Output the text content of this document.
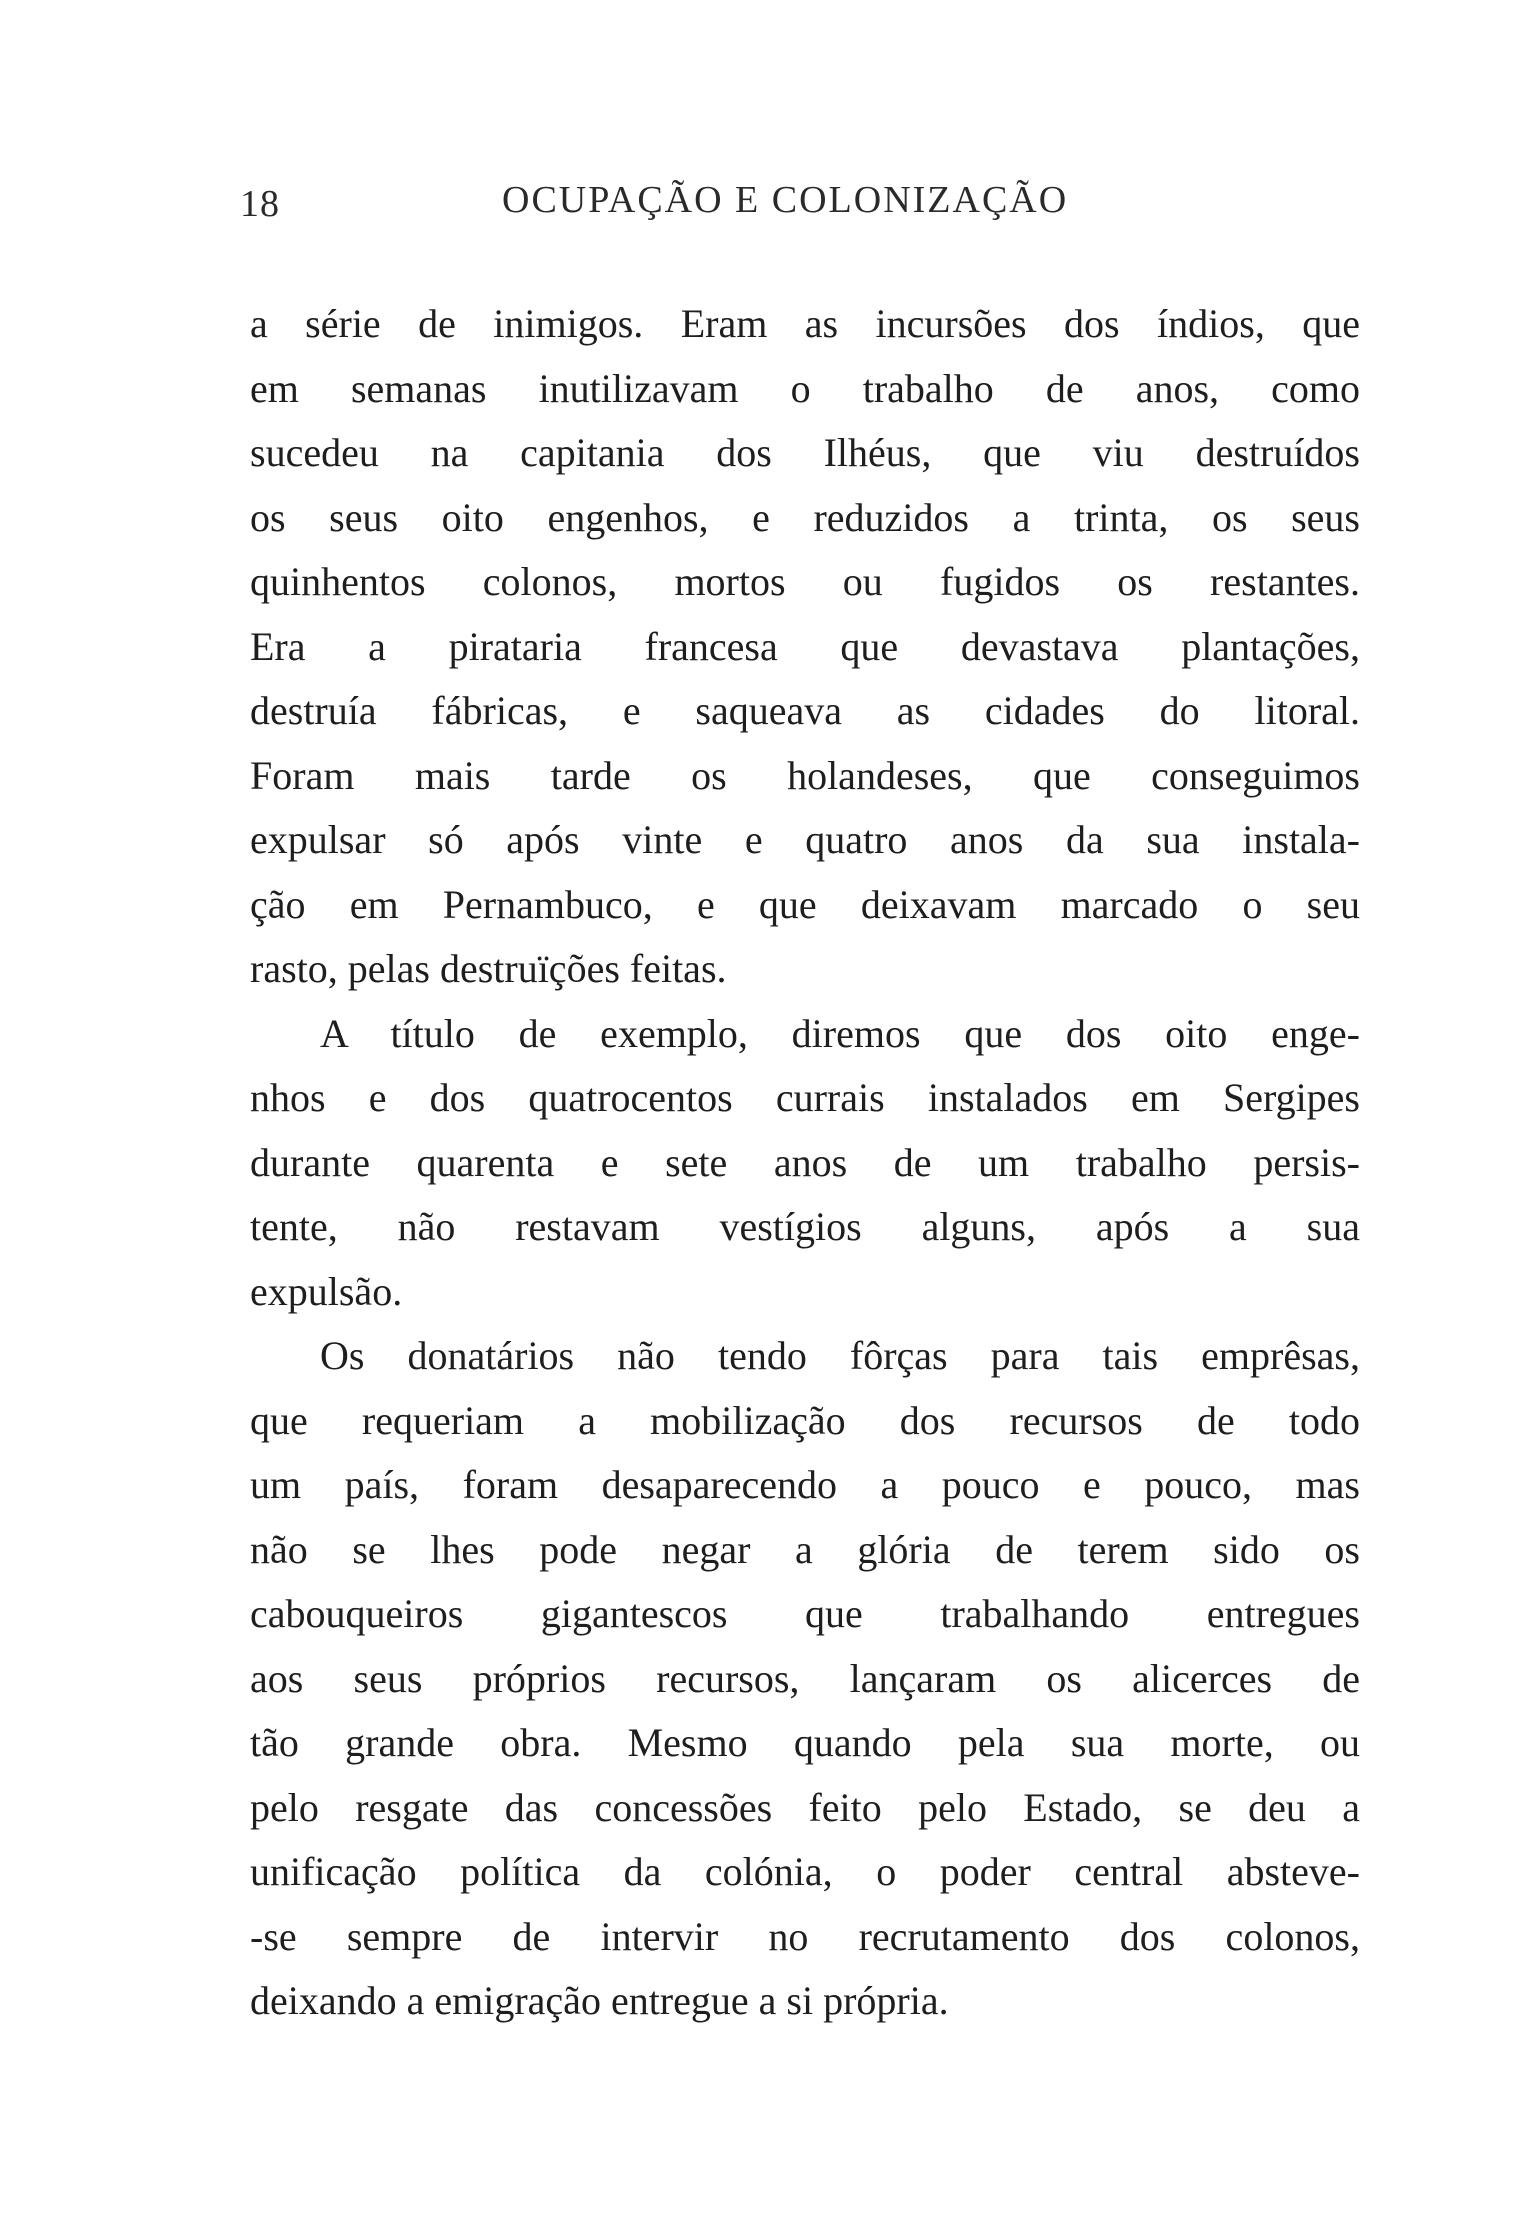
18	OCUPAÇÃO E COLONIZAÇÃO
a série de inimigos. Eram as incursões dos índios, que
em semanas inutilizavam o trabalho de anos, como
sucedeu na capitania dos Ilhéus, que viu destruídos
os seus oito engenhos, e reduzidos a trinta, os seus
quinhentos colonos, mortos ou fugidos os restantes.
Era a pirataria francesa que devastava plantações,
destruía fábricas, e saqueava as cidades do litoral.
Foram mais tarde os holandeses, que conseguimos
expulsar só após vinte e quatro anos da sua instala-
ção em Pernambuco, e que deixavam marcado o seu
rasto, pelas destruïções feitas.
A título de exemplo, diremos que dos oito enge-
nhos e dos quatrocentos currais instalados em Sergipes
durante quarenta e sete anos de um trabalho persis-
tente, não restavam vestígios alguns, após a sua
expulsão.
Os donatários não tendo fôrças para tais emprêsas,
que requeriam a mobilização dos recursos de todo
um país, foram desaparecendo a pouco e pouco, mas
não se lhes pode negar a glória de terem sido os
cabouqueiros gigantescos que trabalhando entregues
aos seus próprios recursos, lançaram os alicerces de
tão grande obra. Mesmo quando pela sua morte, ou
pelo resgate das concessões feito pelo Estado, se deu a
unificação política da colónia, o poder central absteve-
-se sempre de intervir no recrutamento dos colonos,
deixando a emigração entregue a si própria.
